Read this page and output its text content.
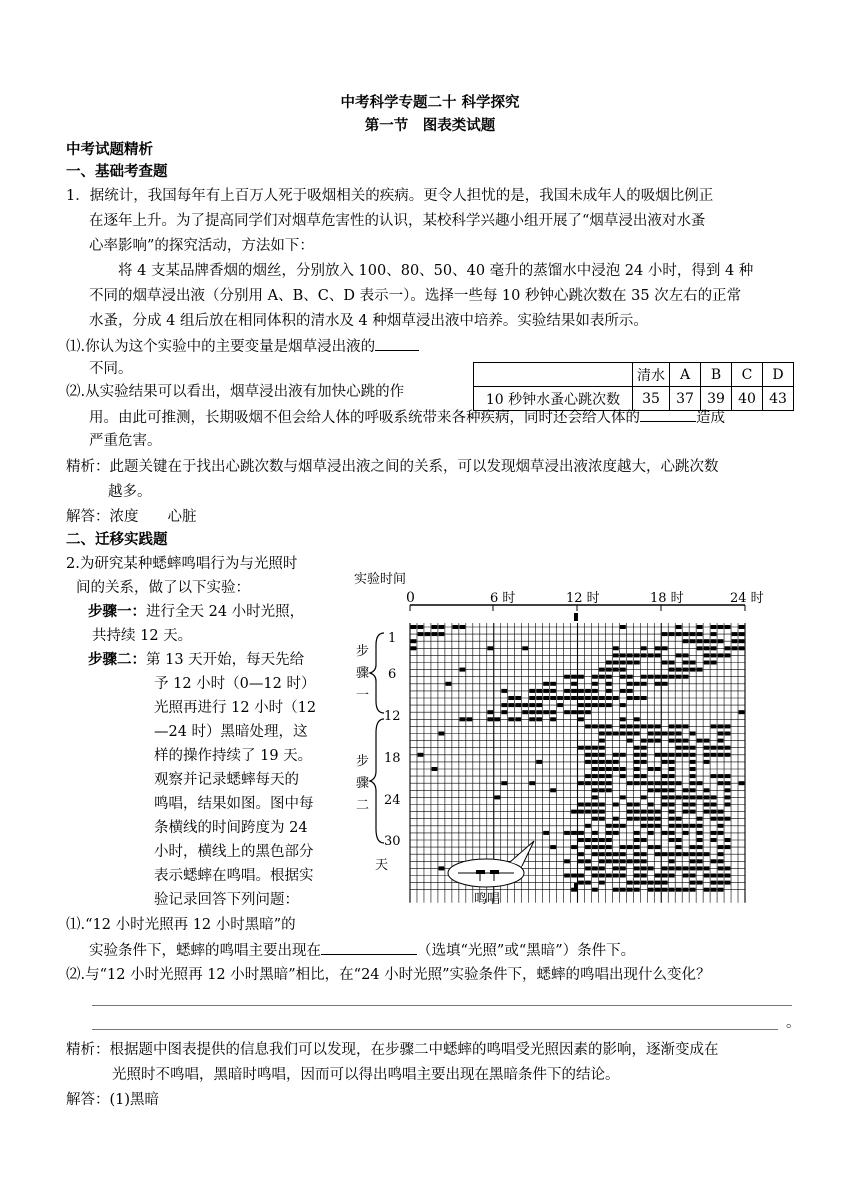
中考科学专题二十 科学探究
第一节　图表类试题
中考试题精析
一、基础考查题
1．据统计，我国每年有上百万人死于吸烟相关的疾病。更令人担忧的是，我国未成年人的吸烟比例正
在逐年上升。为了提高同学们对烟草危害性的认识，某校科学兴趣小组开展了“烟草浸出液对水蚤
心率影响”的探究活动，方法如下：
将 4 支某品牌香烟的烟丝，分别放入 100、80、50、40 毫升的蒸馏水中浸泡 24 小时，得到 4 种
不同的烟草浸出液（分别用 A、B、C、D 表示一）。选择一些每 10 秒钟心跳次数在 35 次左右的正常
水蚤，分成 4 组后放在相同体积的清水及 4 种烟草浸出液中培养。实验结果如表所示。
⑴.你认为这个实验中的主要变量是烟草浸出液的
不同。
		清水	A	B	C	D
10 秒钟水蚤心跳次数	35	37	39	40	43
⑵.从实验结果可以看出，烟草浸出液有加快心跳的作
用。由此可推测，长期吸烟不但会给人体的呼吸系统带来各种疾病，同时还会给人体的	造成
严重危害。
精析：此题关键在于找出心跳次数与烟草浸出液之间的关系，可以发现烟草浸出液浓度越大，心跳次数
越多。
解答：浓度　　心脏
二、迁移实践题
2.为研究某种蟋蟀鸣唱行为与光照时
间的关系，做了以下实验：
步骤一：进行全天 24 小时光照，
共持续 12 天。
步骤二：第 13 天开始，每天先给
予 12 小时（0—12 时）
光照再进行 12 小时（12
—24 时）黑暗处理，这
样的操作持续了 19 天。
观察并记录蟋蟀每天的
鸣唱，结果如图。图中每
条横线的时间跨度为 24
小时，横线上的黑色部分
表示蟋蟀在鸣唱。根据实
验记录回答下列问题：
⑴.“12 小时光照再 12 小时黑暗”的
实验条件下，蟋蟀的鸣唱主要出现在	（选填“光照”或“黑暗”）条件下。
⑵.与“12 小时光照再 12 小时黑暗”相比，在“24 小时光照”实验条件下，蟋蟀的鸣唱出现什么变化？
。
精析：根据题中图表提供的信息我们可以发现，在步骤二中蟋蟀的鸣唱受光照因素的影响，逐渐变成在
光照时不鸣唱，黑暗时鸣唱，因而可以得出鸣唱主要出现在黑暗条件下的结论。
解答：(1)黑暗
实验时间
0	6 时	12 时	18 时	24 时
1
6
12
18
24
30
天
步
骤
一
步
骤
二
鸣唱
